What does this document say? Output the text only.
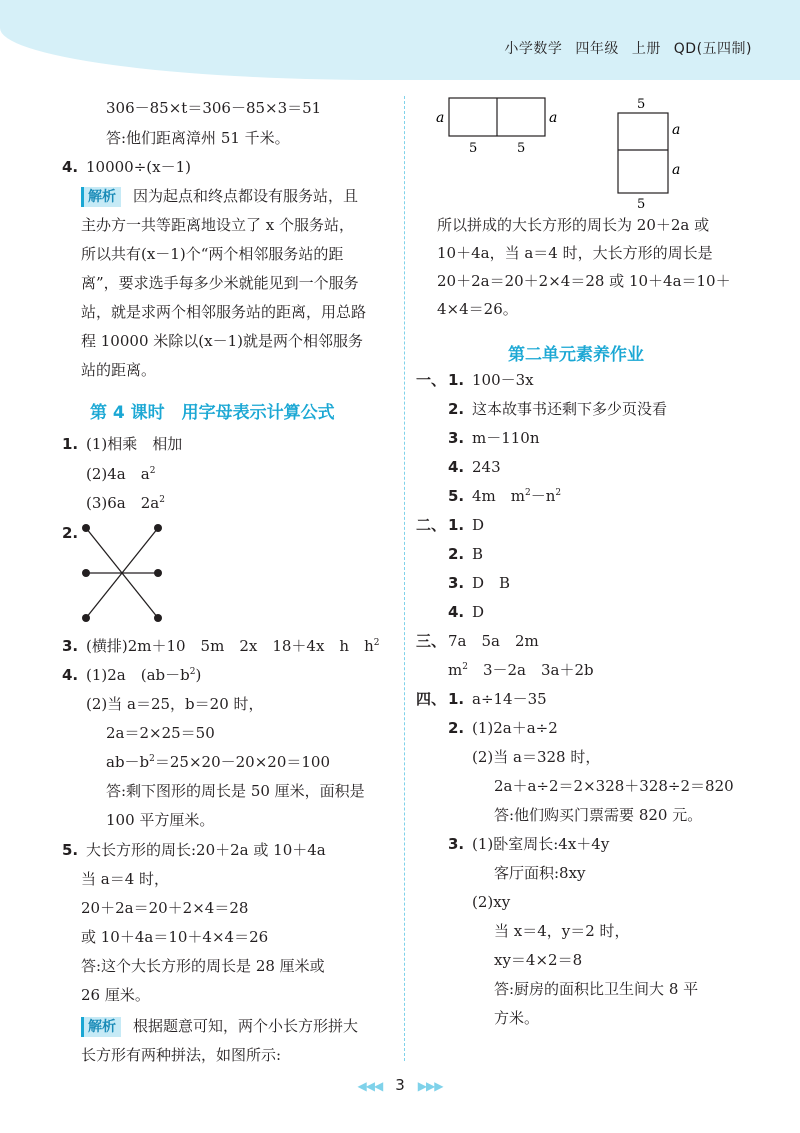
小学数学 四年级 上册 QD(五四制)
306－85×t＝306－85×3＝51
答:他们距离漳州 51 千米。
4. 10000÷(x－1)
解析 因为起点和终点都设有服务站，且
主办方一共等距离地设立了 x 个服务站，
所以共有(x－1)个“两个相邻服务站的距
离”，要求选手每多少米就能见到一个服务
站，就是求两个相邻服务站的距离，用总路
程 10000 米除以(x－1)就是两个相邻服务
站的距离。
第 4 课时　用字母表示计算公式
1. (1)相乘　相加
(2)4a　$a^2$
(3)6a　$2a^2$
2.
3. (横排)2m＋10　5m　2x　18＋4x　h　$h^2$
4. (1)2a　$(ab-b^2)$
(2)当 a＝25，b＝20 时，
2a＝2×25＝50
$ab-b^2=25\times 20-20\times 20=100$
答:剩下图形的周长是 50 厘米，面积是
100 平方厘米。
5. 大长方形的周长:20＋2a 或 10＋4a
当 a＝4 时，
20＋2a＝20＋2×4＝28
或 10＋4a＝10＋4×4＝26
答:这个大长方形的周长是 28 厘米或
26 厘米。
解析 根据题意可知，两个小长方形拼大
长方形有两种拼法，如图所示:
a	a
5	5
5
a
a
5
所以拼成的大长方形的周长为 20＋2a 或
10＋4a，当 a＝4 时，大长方形的周长是
20＋2a＝20＋2×4＝28 或 10＋4a＝10＋
4×4＝26。
第二单元素养作业
一、 1. 100－3x
2. 这本故事书还剩下多少页没看
3. m－110n
4. 243
5. 4m　$m^2-n^2$
二、 1. D
2. B
3. D　B
4. D
三、 7a　5a　2m
$m^2$　3－2a　3a＋2b
四、 1. a÷14－35
2. (1)2a＋a÷2
(2)当 a＝328 时，
2a＋a÷2＝2×328＋328÷2＝820
答:他们购买门票需要 820 元。
3. (1)卧室周长:4x＋4y
客厅面积:8xy
(2)xy
当 x＝4，y＝2 时，
xy＝4×2＝8
答:厨房的面积比卫生间大 8 平
方米。
◀◀◀ 3 ▶▶▶
